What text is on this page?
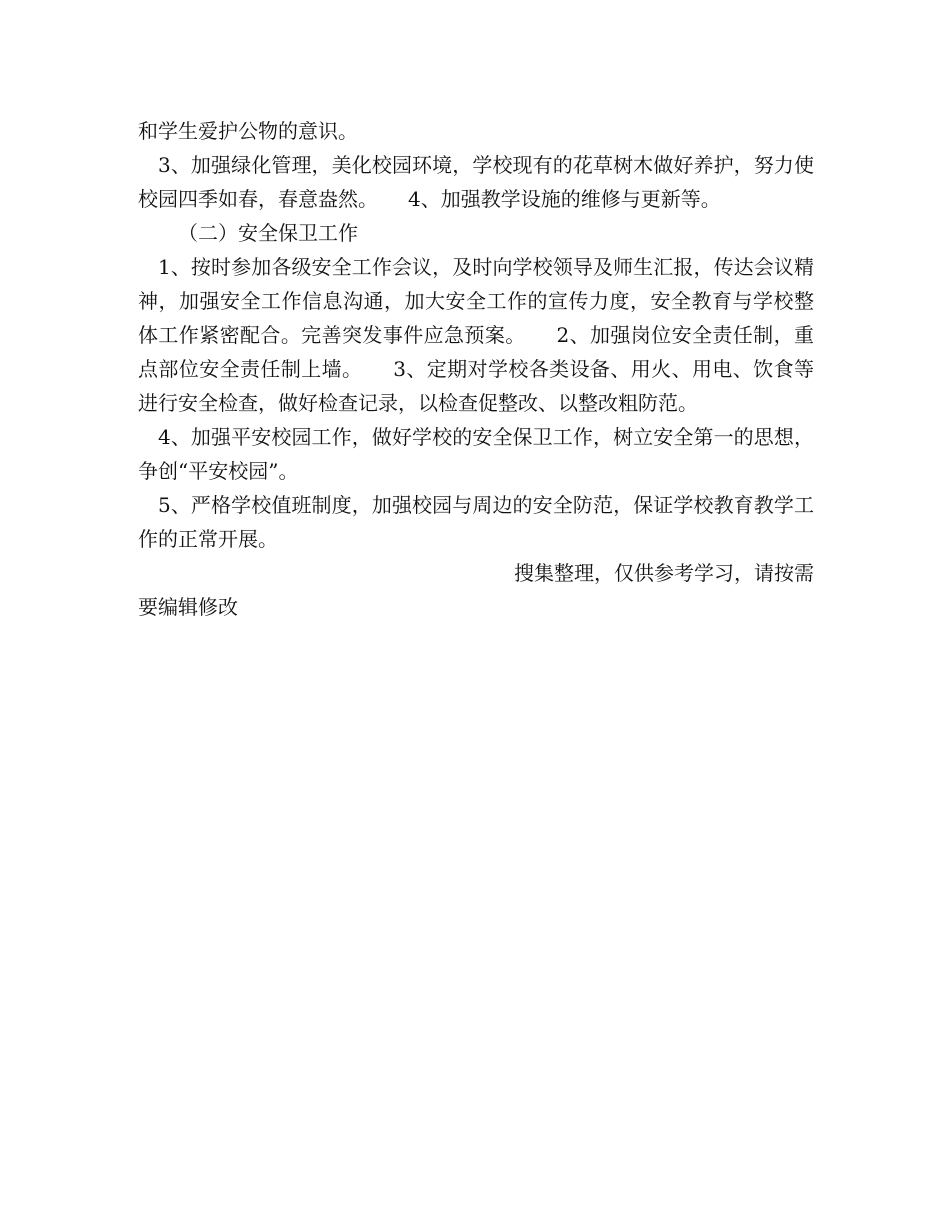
和学生爱护公物的意识。

3、加强绿化管理，美化校园环境，学校现有的花草树木做好养护，努力使校园四季如春，春意盎然。　　4、加强教学设施的维修与更新等。

（二）安全保卫工作

1、按时参加各级安全工作会议，及时向学校领导及师生汇报，传达会议精神，加强安全工作信息沟通，加大安全工作的宣传力度，安全教育与学校整体工作紧密配合。完善突发事件应急预案。　　2、加强岗位安全责任制，重点部位安全责任制上墙。　　3、定期对学校各类设备、用火、用电、饮食等进行安全检查，做好检查记录，以检查促整改、以整改粗防范。

4、加强平安校园工作，做好学校的安全保卫工作，树立安全第一的思想，争创“平安校园”。

5、严格学校值班制度，加强校园与周边的安全防范，保证学校教育教学工作的正常开展。

搜集整理，仅供参考学习，请按需

要编辑修改
